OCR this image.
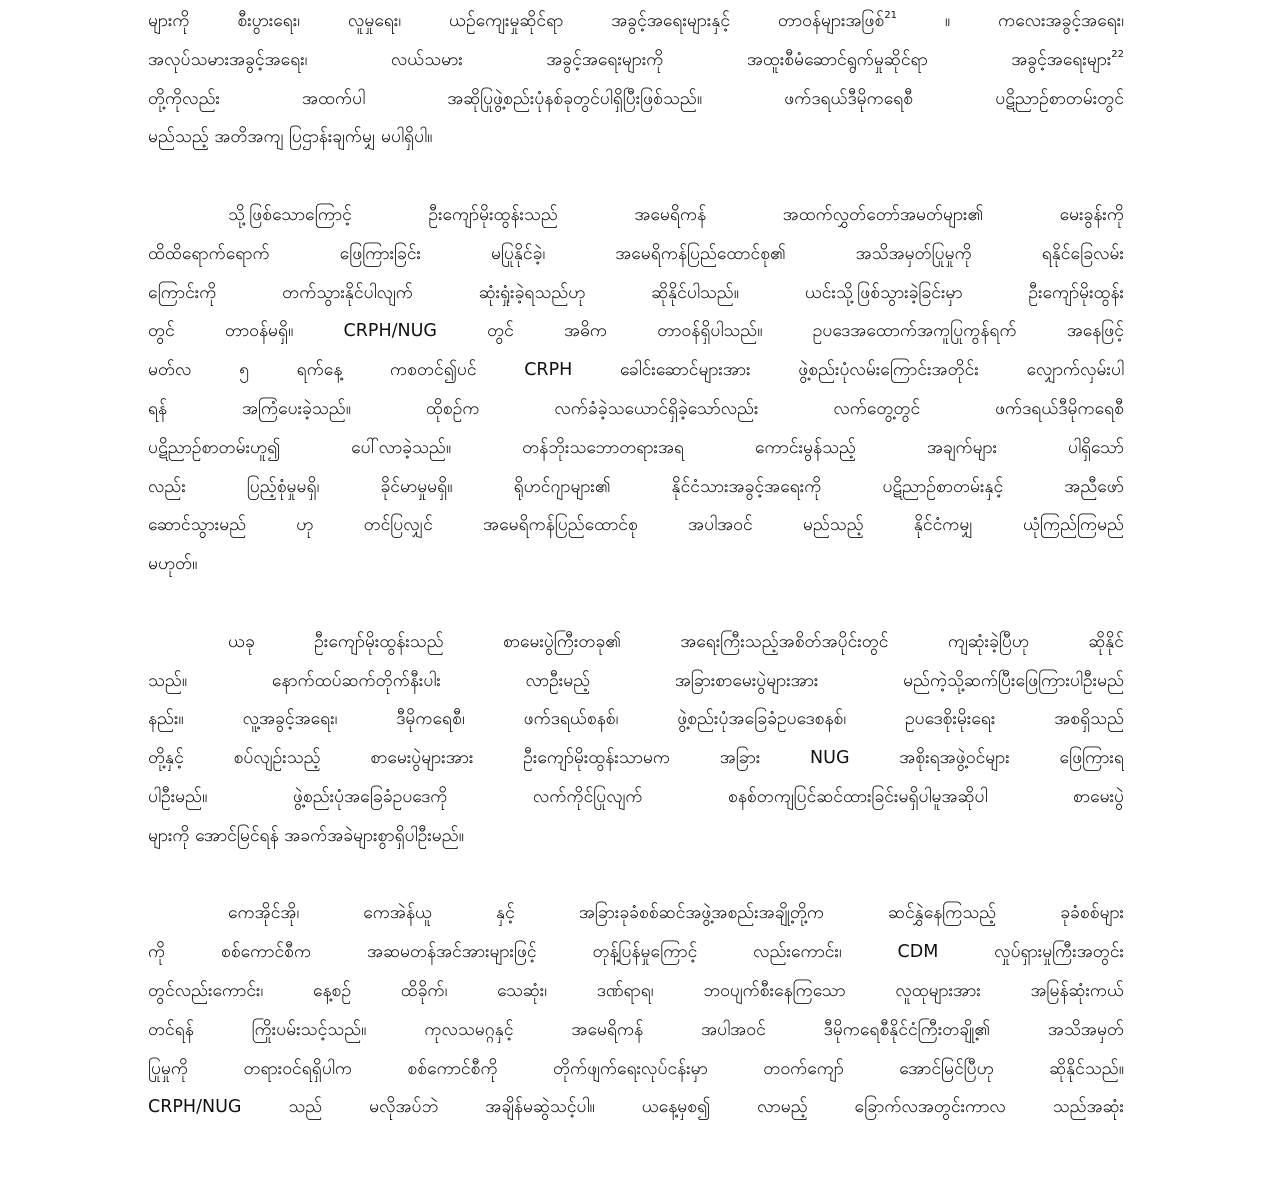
များကို စီးပွားရေး၊ လူမှုရေး၊ ယဉ်ကျေးမှုဆိုင်ရာ အခွင့်အရေးများနှင့် တာဝန်များအဖြစ်$^{21}$ ။ ကလေးအခွင့်အရေး၊
အလုပ်သမားအခွင့်အရေး၊ လယ်သမား အခွင့်အရေးများကို အထူးစီမံဆောင်ရွက်မှုဆိုင်ရာ အခွင့်အရေးများ$^{22}$
တို့ကိုလည်း အထက်ပါ အဆိုပြုဖွဲ့စည်းပုံနစ်ခုတွင်ပါရှိပြီးဖြစ်သည်။ ဖက်ဒရယ်ဒီမိုကရေစီ ပဋိညာဉ်စာတမ်းတွင်
မည်သည့် အတိအကျ ပြဌာန်းချက်မျှ မပါရှိပါ။
သို့ဖြစ်သောကြောင့် ဦးကျော်မိုးထွန်းသည် အမေရိကန် အထက်လွှတ်တော်အမတ်များ၏ မေးခွန်းကို
ထိထိရောက်ရောက် ဖြေကြားခြင်း မပြုနိုင်ခဲ့၊ အမေရိကန်ပြည်ထောင်စု၏ အသိအမှတ်ပြုမှုကို ရနိုင်ခြေလမ်း
ကြောင်းကို တက်သွားနိုင်ပါလျက် ဆုံးရှုံးခဲ့ရသည်ဟု ဆိုနိုင်ပါသည်။ ယင်းသို့ဖြစ်သွားခဲ့ခြင်းမှာ ဦးကျော်မိုးထွန်း
တွင် တာဝန်မရှိ။ CRPH/NUG တွင် အဓိက တာဝန်ရှိပါသည်။ ဥပဒေအထောက်အကူပြုကွန်ရက် အနေဖြင့်
မတ်လ ၅ ရက်နေ့ ကစတင်၍ပင် CRPH ခေါင်းဆောင်များအား ဖွဲ့စည်းပုံလမ်းကြောင်းအတိုင်း လျှောက်လှမ်းပါ
ရန် အကြံပေးခဲ့သည်။ ထိုစဉ်က လက်ခံခဲ့သယောင်ရှိခဲ့သော်လည်း လက်တွေ့တွင် ဖက်ဒရယ်ဒီမိုကရေစီ
ပဋိညာဉ်စာတမ်းဟူ၍ ပေါ်လာခဲ့သည်။ တန်ဘိုးသဘောတရားအရ ကောင်းမွန်သည့် အချက်များ ပါရှိသော်
လည်း ပြည့်စုံမှုမရှိ၊ ခိုင်မာမှုမရှိ။ ရိုဟင်ဂျာများ၏ နိုင်ငံသားအခွင့်အရေးကို ပဋိညာဉ်စာတမ်းနှင့် အညီဖော်
ဆောင်သွားမည် ဟု တင်ပြလျှင် အမေရိကန်ပြည်ထောင်စု အပါအဝင် မည်သည့် နိုင်ငံကမျှ ယုံကြည်ကြမည်
မဟုတ်။
ယခု ဦးကျော်မိုးထွန်းသည် စာမေးပွဲကြီးတခု၏ အရေးကြီးသည့်အစိတ်အပိုင်းတွင် ကျဆုံးခဲ့ပြီဟု ဆိုနိုင်
သည်။ နောက်ထပ်ဆက်တိုက်နီးပါး လာဦးမည့် အခြားစာမေးပွဲများအား မည်ကဲ့သို့ဆက်ပြီးဖြေကြားပါဦးမည်
နည်း။ လူ့အခွင့်အရေး၊ ဒီမိုကရေစီ၊ ဖက်ဒရယ်စနစ်၊ ဖွဲ့စည်းပုံအခြေခံဥပဒေစနစ်၊ ဥပဒေစိုးမိုးရေး အစရှိသည်
တို့နှင့် စပ်လျဉ်းသည့် စာမေးပွဲများအား ဦးကျော်မိုးထွန်းသာမက အခြား NUG အစိုးရအဖွဲ့ဝင်များ ဖြေကြားရ
ပါဦးမည်။ ဖွဲ့စည်းပုံအခြေခံဥပဒေကို လက်ကိုင်ပြုလျက် စနစ်တကျပြင်ဆင်ထားခြင်းမရှိပါမူအဆိုပါ စာမေးပွဲ
များကို အောင်မြင်ရန် အခက်အခဲများစွာရှိပါဦးမည်။
ကေအိုင်အို၊ ကေအဲန်ယူ နှင့် အခြားခုခံစစ်ဆင်အဖွဲ့အစည်းအချို့တို့က ဆင်နွှဲနေကြသည့် ခုခံစစ်များ
ကို စစ်ကောင်စီက အဆမတန်အင်အားများဖြင့် တုန့်ပြန်မှုကြောင့် လည်းကောင်း၊ CDM လှုပ်ရှားမှုကြီးအတွင်း
တွင်လည်းကောင်း၊ နေ့စဉ် ထိခိုက်၊ သေဆုံး၊ ဒဏ်ရာရ၊ ဘဝပျက်စီးနေကြသော လူထုများအား အမြန်ဆုံးကယ်
တင်ရန် ကြိုးပမ်းသင့်သည်။ ကုလသမဂ္ဂနှင့် အမေရိကန် အပါအဝင် ဒီမိုကရေစီနိုင်ငံကြီးတချို့၏ အသိအမှတ်
ပြုမှုကို တရားဝင်ရရှိပါက စစ်ကောင်စီကို တိုက်ဖျက်ရေးလုပ်ငန်းမှာ တဝက်ကျော် အောင်မြင်ပြီဟု ဆိုနိုင်သည်။
CRPH/NUG သည် မလိုအပ်ဘဲ အချိန်မဆွဲသင့်ပါ။ ယနေ့မှစ၍ လာမည့် ခြောက်လအတွင်းကာလ သည်အဆုံး
